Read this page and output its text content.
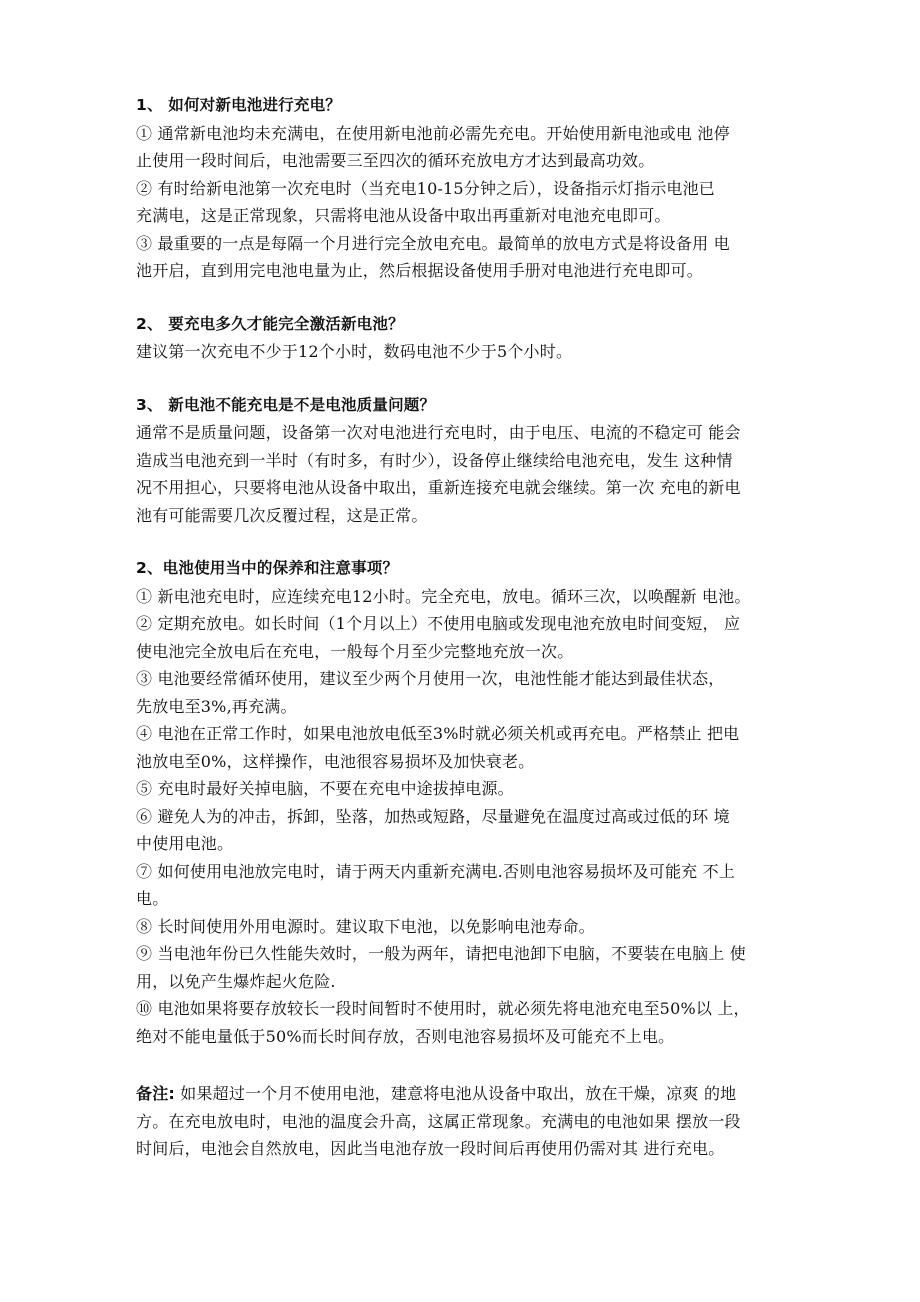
1、 如何对新电池进行充电？
① 通常新电池均未充满电，在使用新电池前必需先充电。开始使用新电池或电 池停
止使用一段时间后，电池需要三至四次的循环充放电方才达到最高功效。
② 有时给新电池第一次充电时（当充电10-15分钟之后），设备指示灯指示电池已
充满电，这是正常现象，只需将电池从设备中取出再重新对电池充电即可。
③ 最重要的一点是每隔一个月进行完全放电充电。最简单的放电方式是将设备用 电
池开启，直到用完电池电量为止，然后根据设备使用手册对电池进行充电即可。
2、 要充电多久才能完全激活新电池？
建议第一次充电不少于12个小时，数码电池不少于5个小时。
3、 新电池不能充电是不是电池质量问题？
通常不是质量问题，设备第一次对电池进行充电时，由于电压、电流的不稳定可 能会
造成当电池充到一半时（有时多，有时少），设备停止继续给电池充电，发生 这种情
况不用担心，只要将电池从设备中取出，重新连接充电就会继续。第一次 充电的新电
池有可能需要几次反覆过程，这是正常。
2、电池使用当中的保养和注意事项？
① 新电池充电时，应连续充电12小时。完全充电，放电。循环三次，以唤醒新 电池。
② 定期充放电。如长时间（1个月以上）不使用电脑或发现电池充放电时间变短， 应
使电池完全放电后在充电，一般每个月至少完整地充放一次。
③ 电池要经常循环使用，建议至少两个月使用一次，电池性能才能达到最佳状态，
先放电至3%,再充满。
④ 电池在正常工作时，如果电池放电低至3%时就必须关机或再充电。严格禁止 把电
池放电至0%，这样操作，电池很容易损坏及加快衰老。
⑤ 充电时最好关掉电脑，不要在充电中途拔掉电源。
⑥ 避免人为的冲击，拆卸，坠落，加热或短路，尽量避免在温度过高或过低的环 境
中使用电池。
⑦ 如何使用电池放完电时，请于两天内重新充满电.否则电池容易损坏及可能充 不上
电。
⑧ 长时间使用外用电源时。建议取下电池，以免影响电池寿命。
⑨ 当电池年份已久性能失效时，一般为两年，请把电池卸下电脑，不要装在电脑上 使
用，以免产生爆炸起火危险.
⑩ 电池如果将要存放较长一段时间暂时不使用时，就必须先将电池充电至50%以 上，
绝对不能电量低于50%而长时间存放，否则电池容易损坏及可能充不上电。
备注: 如果超过一个月不使用电池，建意将电池从设备中取出，放在干燥，凉爽 的地
方。在充电放电时，电池的温度会升高，这属正常现象。充满电的电池如果 摆放一段
时间后，电池会自然放电，因此当电池存放一段时间后再使用仍需对其 进行充电。
